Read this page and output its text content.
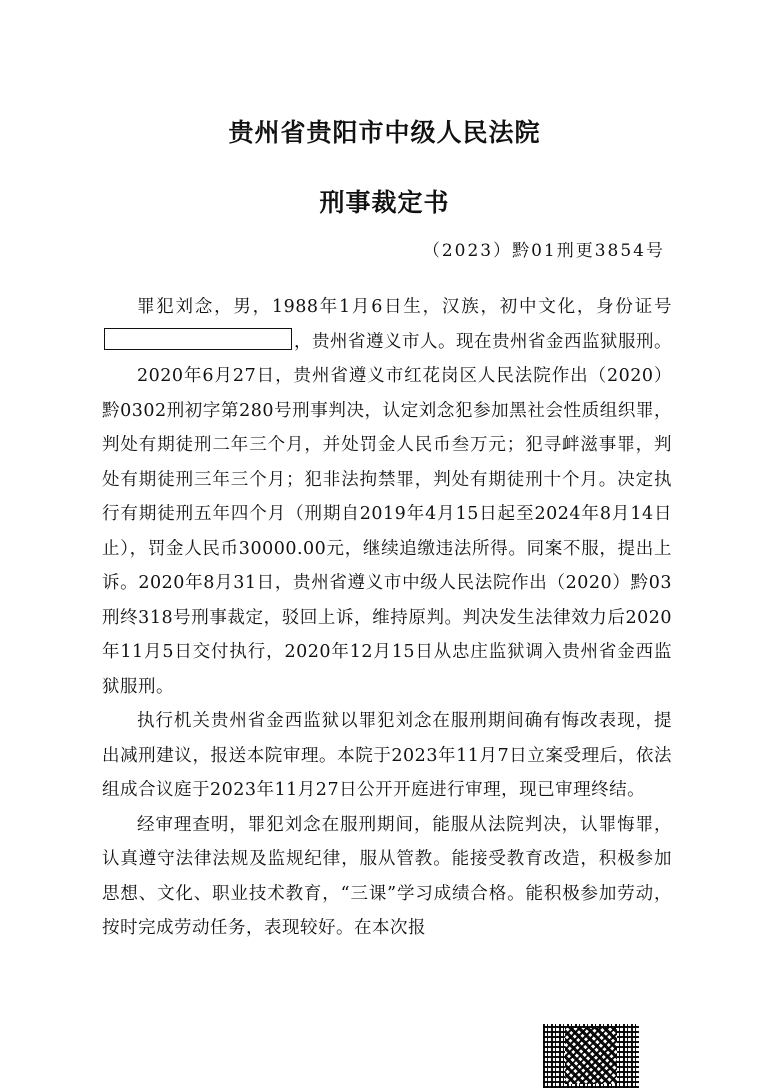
贵州省贵阳市中级人民法院
刑事裁定书
（2023）黔01刑更3854号

罪犯刘念，男，1988年1月6日生，汉族，初中文化，身份证号，贵州省遵义市人。现在贵州省金西监狱服刑。

2020年6月27日，贵州省遵义市红花岗区人民法院作出（2020）黔0302刑初字第280号刑事判决，认定刘念犯参加黑社会性质组织罪，判处有期徒刑二年三个月，并处罚金人民币叁万元；犯寻衅滋事罪，判处有期徒刑三年三个月；犯非法拘禁罪，判处有期徒刑十个月。决定执行有期徒刑五年四个月（刑期自2019年4月15日起至2024年8月14日止），罚金人民币30000.00元，继续追缴违法所得。同案不服，提出上诉。2020年8月31日，贵州省遵义市中级人民法院作出（2020）黔03刑终318号刑事裁定，驳回上诉，维持原判。判决发生法律效力后2020年11月5日交付执行，2020年12月15日从忠庄监狱调入贵州省金西监狱服刑。

执行机关贵州省金西监狱以罪犯刘念在服刑期间确有悔改表现，提出减刑建议，报送本院审理。本院于2023年11月7日立案受理后，依法组成合议庭于2023年11月27日公开开庭进行审理，现已审理终结。

经审理查明，罪犯刘念在服刑期间，能服从法院判决，认罪悔罪，认真遵守法律法规及监规纪律，服从管教。能接受教育改造，积极参加思想、文化、职业技术教育，“三课”学习成绩合格。能积极参加劳动，按时完成劳动任务，表现较好。在本次报
